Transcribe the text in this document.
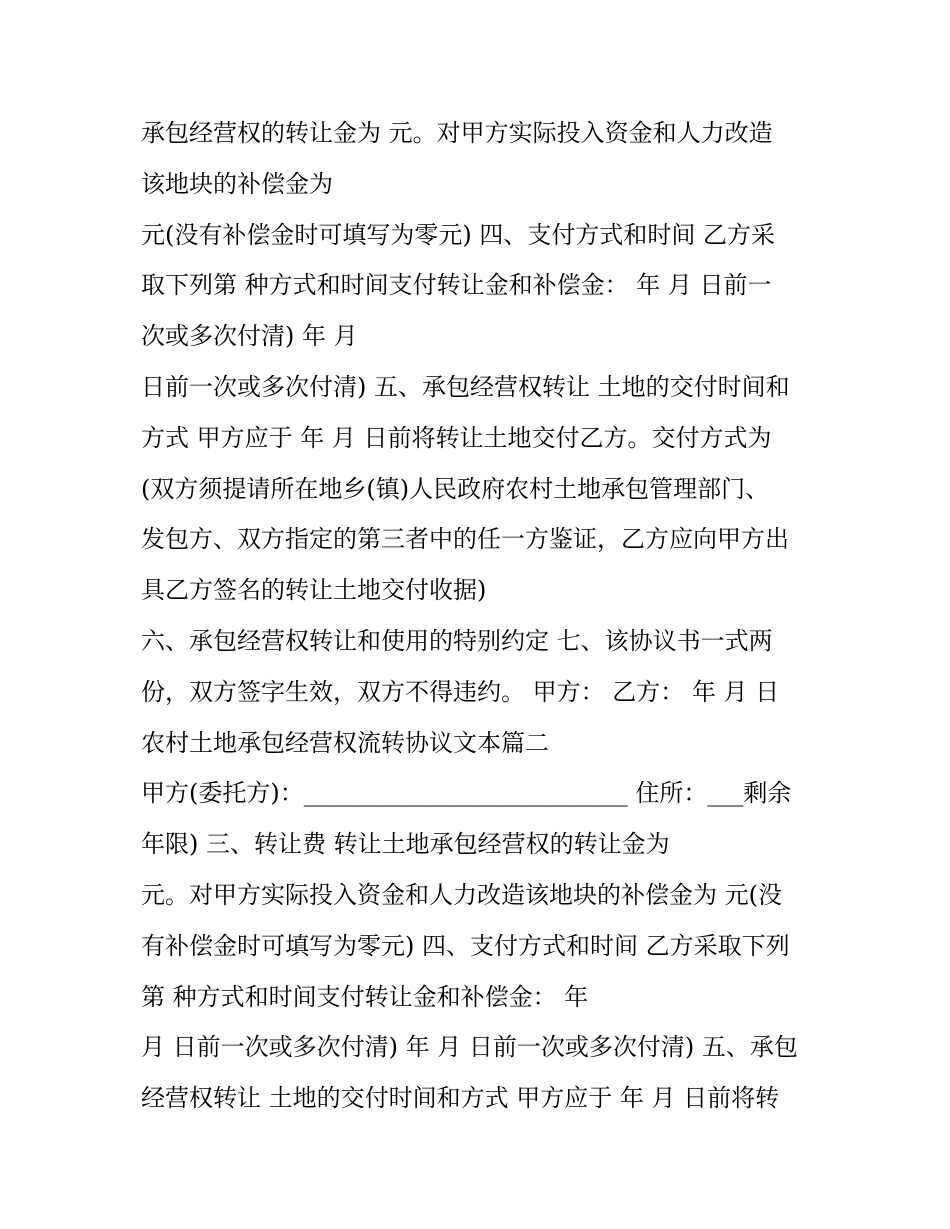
承包经营权的转让金为 元。对甲方实际投入资金和人力改造
该地块的补偿金为
元(没有补偿金时可填写为零元) 四、支付方式和时间 乙方采
取下列第 种方式和时间支付转让金和补偿金： 年 月 日前一
次或多次付清) 年 月
日前一次或多次付清) 五、承包经营权转让 土地的交付时间和
方式 甲方应于 年 月 日前将转让土地交付乙方。交付方式为
(双方须提请所在地乡(镇)人民政府农村土地承包管理部门、
发包方、双方指定的第三者中的任一方鉴证，乙方应向甲方出
具乙方签名的转让土地交付收据)
六、承包经营权转让和使用的特别约定 七、该协议书一式两
份，双方签字生效，双方不得违约。 甲方： 乙方： 年 月 日
农村土地承包经营权流转协议文本篇二
甲方(委托方)：___________________________ 住所：___剩余
年限) 三、转让费 转让土地承包经营权的转让金为
元。对甲方实际投入资金和人力改造该地块的补偿金为 元(没
有补偿金时可填写为零元) 四、支付方式和时间 乙方采取下列
第 种方式和时间支付转让金和补偿金： 年
月 日前一次或多次付清) 年 月 日前一次或多次付清) 五、承包
经营权转让 土地的交付时间和方式 甲方应于 年 月 日前将转
